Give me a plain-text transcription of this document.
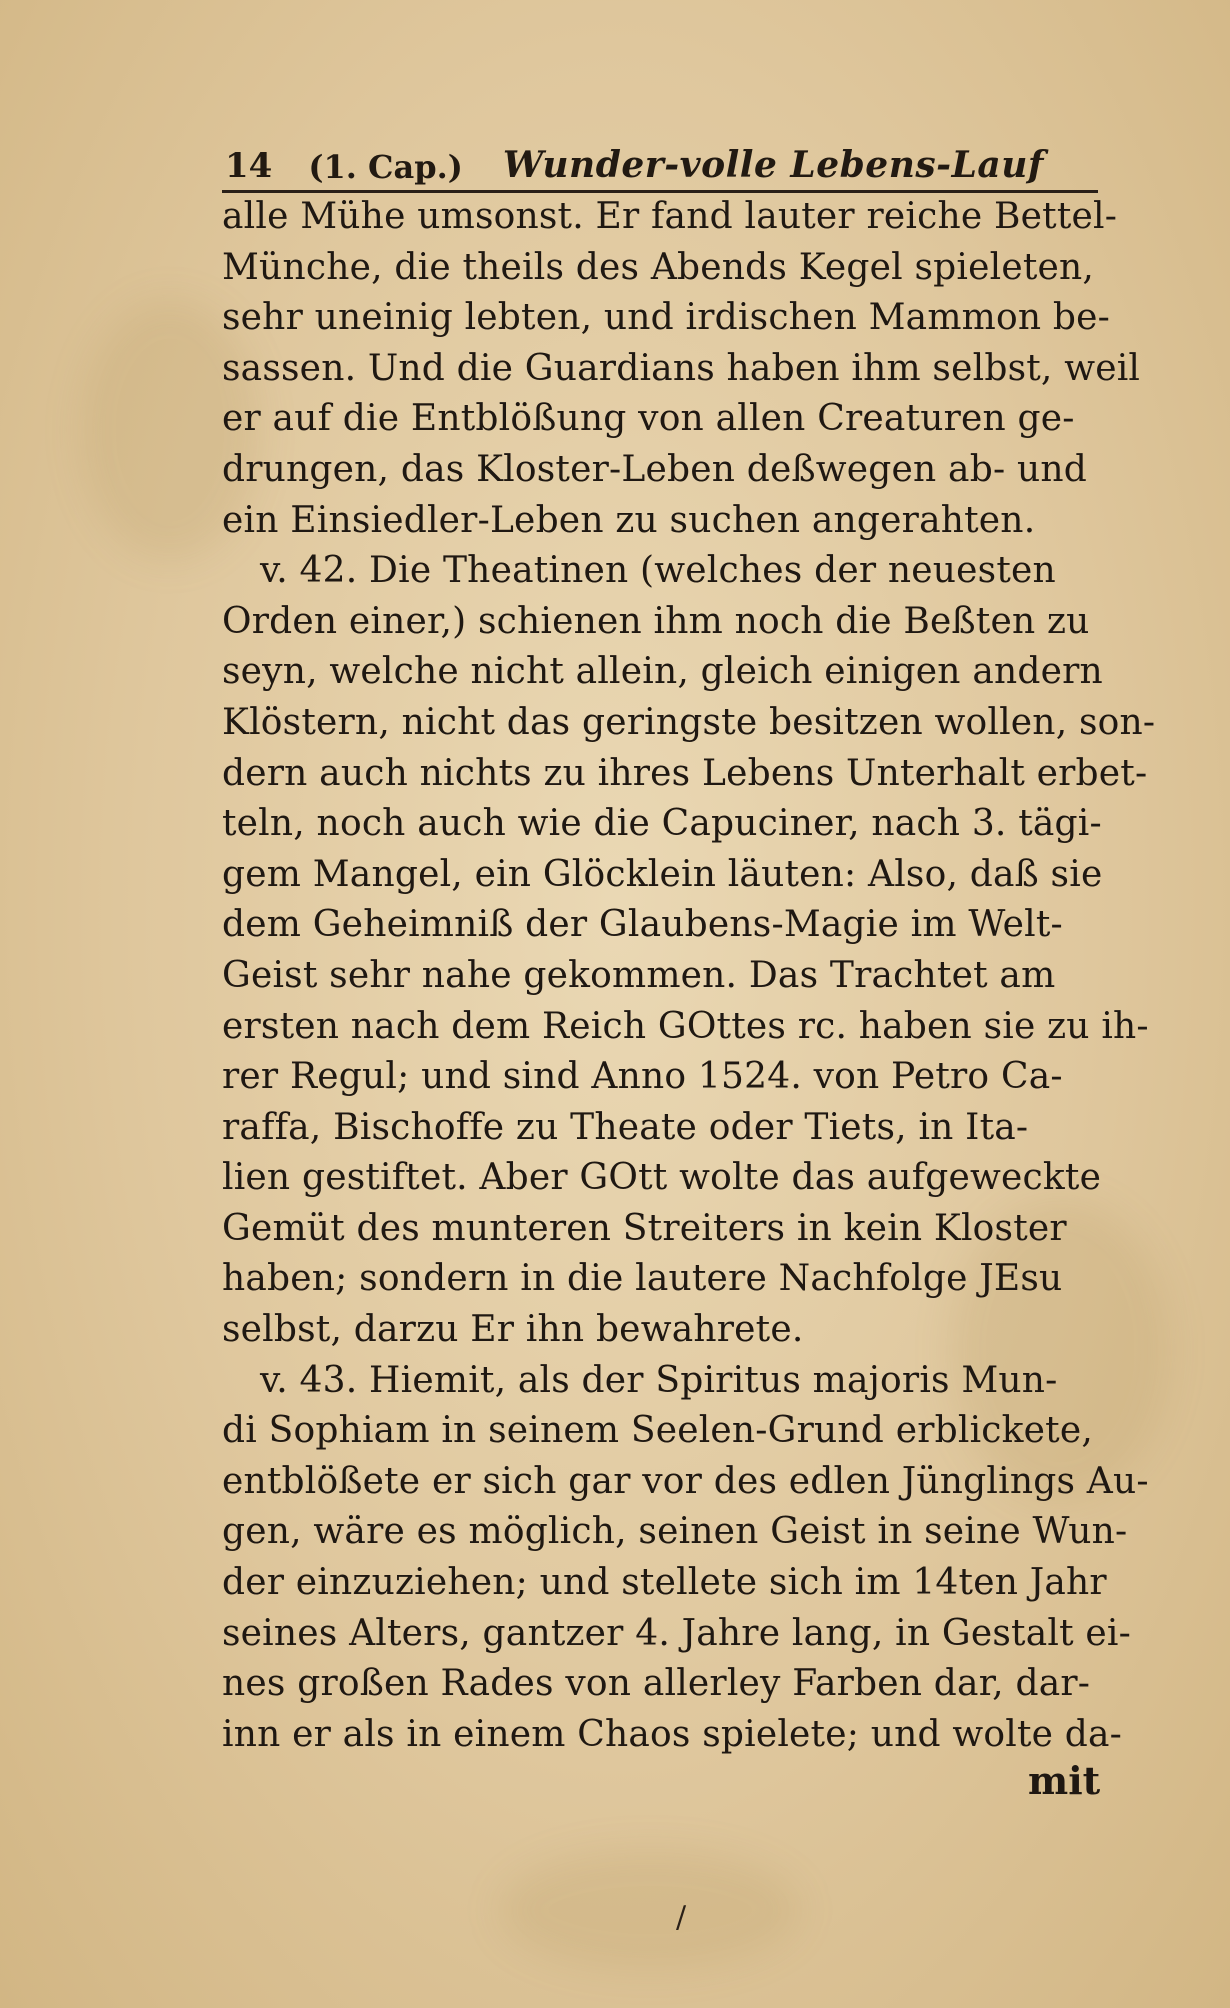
14 (1. Cap.) Wunder-volle Lebens-Lauf
alle Mühe umsonst. Er fand lauter reiche Bettel-
Münche, die theils des Abends Kegel spieleten,
sehr uneinig lebten, und irdischen Mammon be-
sassen. Und die Guardians haben ihm selbst, weil
er auf die Entblößung von allen Creaturen ge-
drungen, das Kloster-Leben deßwegen ab- und
ein Einsiedler-Leben zu suchen angerahten.
v. 42. Die Theatinen (welches der neuesten
Orden einer,) schienen ihm noch die Beßten zu
seyn, welche nicht allein, gleich einigen andern
Klöstern, nicht das geringste besitzen wollen, son-
dern auch nichts zu ihres Lebens Unterhalt erbet-
teln, noch auch wie die Capuciner, nach 3. tägi-
gem Mangel, ein Glöcklein läuten: Also, daß sie
dem Geheimniß der Glaubens-Magie im Welt-
Geist sehr nahe gekommen. Das Trachtet am
ersten nach dem Reich GOttes rc. haben sie zu ih-
rer Regul; und sind Anno 1524. von Petro Ca-
raffa, Bischoffe zu Theate oder Tiets, in Ita-
lien gestiftet. Aber GOtt wolte das aufgeweckte
Gemüt des munteren Streiters in kein Kloster
haben; sondern in die lautere Nachfolge JEsu
selbst, darzu Er ihn bewahrete.
v. 43. Hiemit, als der Spiritus majoris Mun-
di Sophiam in seinem Seelen-Grund erblickete,
entblößete er sich gar vor des edlen Jünglings Au-
gen, wäre es möglich, seinen Geist in seine Wun-
der einzuziehen; und stellete sich im 14ten Jahr
seines Alters, gantzer 4. Jahre lang, in Gestalt ei-
nes großen Rades von allerley Farben dar, dar-
inn er als in einem Chaos spielete; und wolte da-
mit
/
